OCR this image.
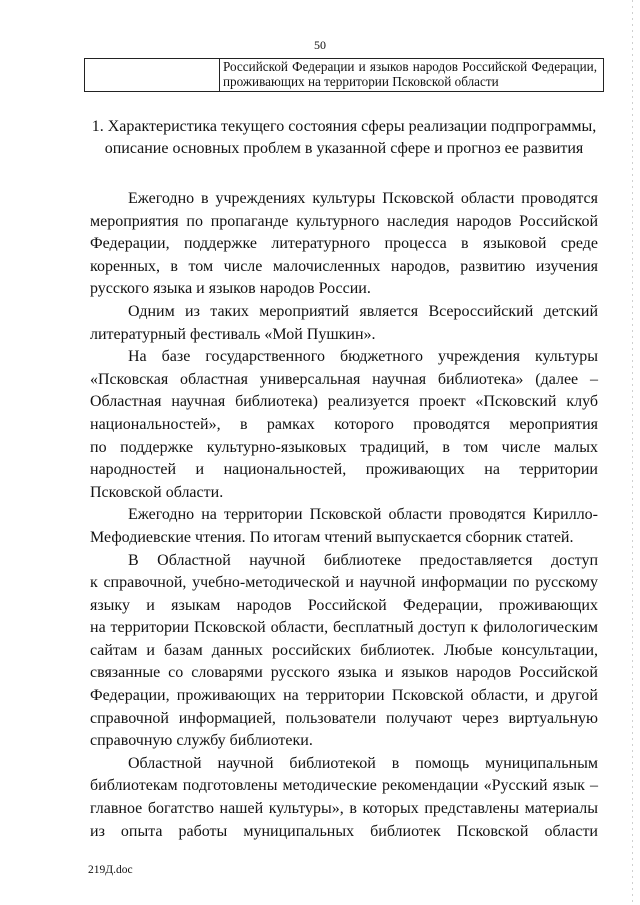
50
Российской Федерации и языков народов Российской Федерации,
проживающих на территории Псковской области
1. Характеристика текущего состояния сферы реализации подпрограммы,
описание основных проблем в указанной сфере и прогноз ее развития
Ежегодно в учреждениях культуры Псковской области проводятся
мероприятия по пропаганде культурного наследия народов Российской
Федерации, поддержке литературного процесса в языковой среде
коренных, в том числе малочисленных народов, развитию изучения
русского языка и языков народов России.
Одним из таких мероприятий является Всероссийский детский
литературный фестиваль «Мой Пушкин».
На базе государственного бюджетного учреждения культуры
«Псковская областная универсальная научная библиотека» (далее –
Областная научная библиотека) реализуется проект «Псковский клуб
национальностей», в рамках которого проводятся мероприятия
по поддержке культурно-языковых традиций, в том числе малых
народностей и национальностей, проживающих на территории
Псковской области.
Ежегодно на территории Псковской области проводятся Кирилло-
Мефодиевские чтения. По итогам чтений выпускается сборник статей.
В Областной научной библиотеке предоставляется доступ
к справочной, учебно-методической и научной информации по русскому
языку и языкам народов Российской Федерации, проживающих
на территории Псковской области, бесплатный доступ к филологическим
сайтам и базам данных российских библиотек. Любые консультации,
связанные со словарями русского языка и языков народов Российской
Федерации, проживающих на территории Псковской области, и другой
справочной информацией, пользователи получают через виртуальную
справочную службу библиотеки.
Областной научной библиотекой в помощь муниципальным
библиотекам подготовлены методические рекомендации «Русский язык –
главное богатство нашей культуры», в которых представлены материалы
из опыта работы муниципальных библиотек Псковской области
219Д.doc
